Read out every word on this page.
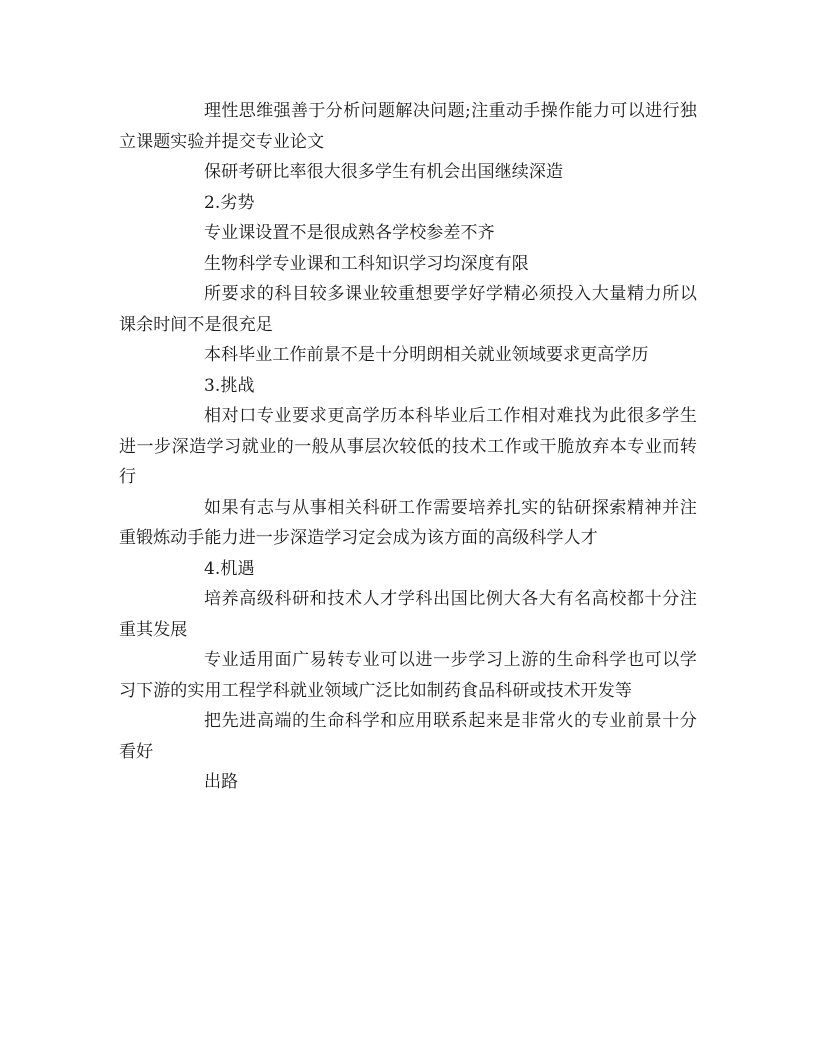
理性思维强善于分析问题解决问题;注重动手操作能力可以进行独立课题实验并提交专业论文

保研考研比率很大很多学生有机会出国继续深造

2.劣势

专业课设置不是很成熟各学校参差不齐

生物科学专业课和工科知识学习均深度有限

所要求的科目较多课业较重想要学好学精必须投入大量精力所以课余时间不是很充足

本科毕业工作前景不是十分明朗相关就业领域要求更高学历

3.挑战

相对口专业要求更高学历本科毕业后工作相对难找为此很多学生进一步深造学习就业的一般从事层次较低的技术工作或干脆放弃本专业而转行

如果有志与从事相关科研工作需要培养扎实的钻研探索精神并注重锻炼动手能力进一步深造学习定会成为该方面的高级科学人才

4.机遇

培养高级科研和技术人才学科出国比例大各大有名高校都十分注重其发展

专业适用面广易转专业可以进一步学习上游的生命科学也可以学习下游的实用工程学科就业领域广泛比如制药食品科研或技术开发等

把先进高端的生命科学和应用联系起来是非常火的专业前景十分看好

出路
